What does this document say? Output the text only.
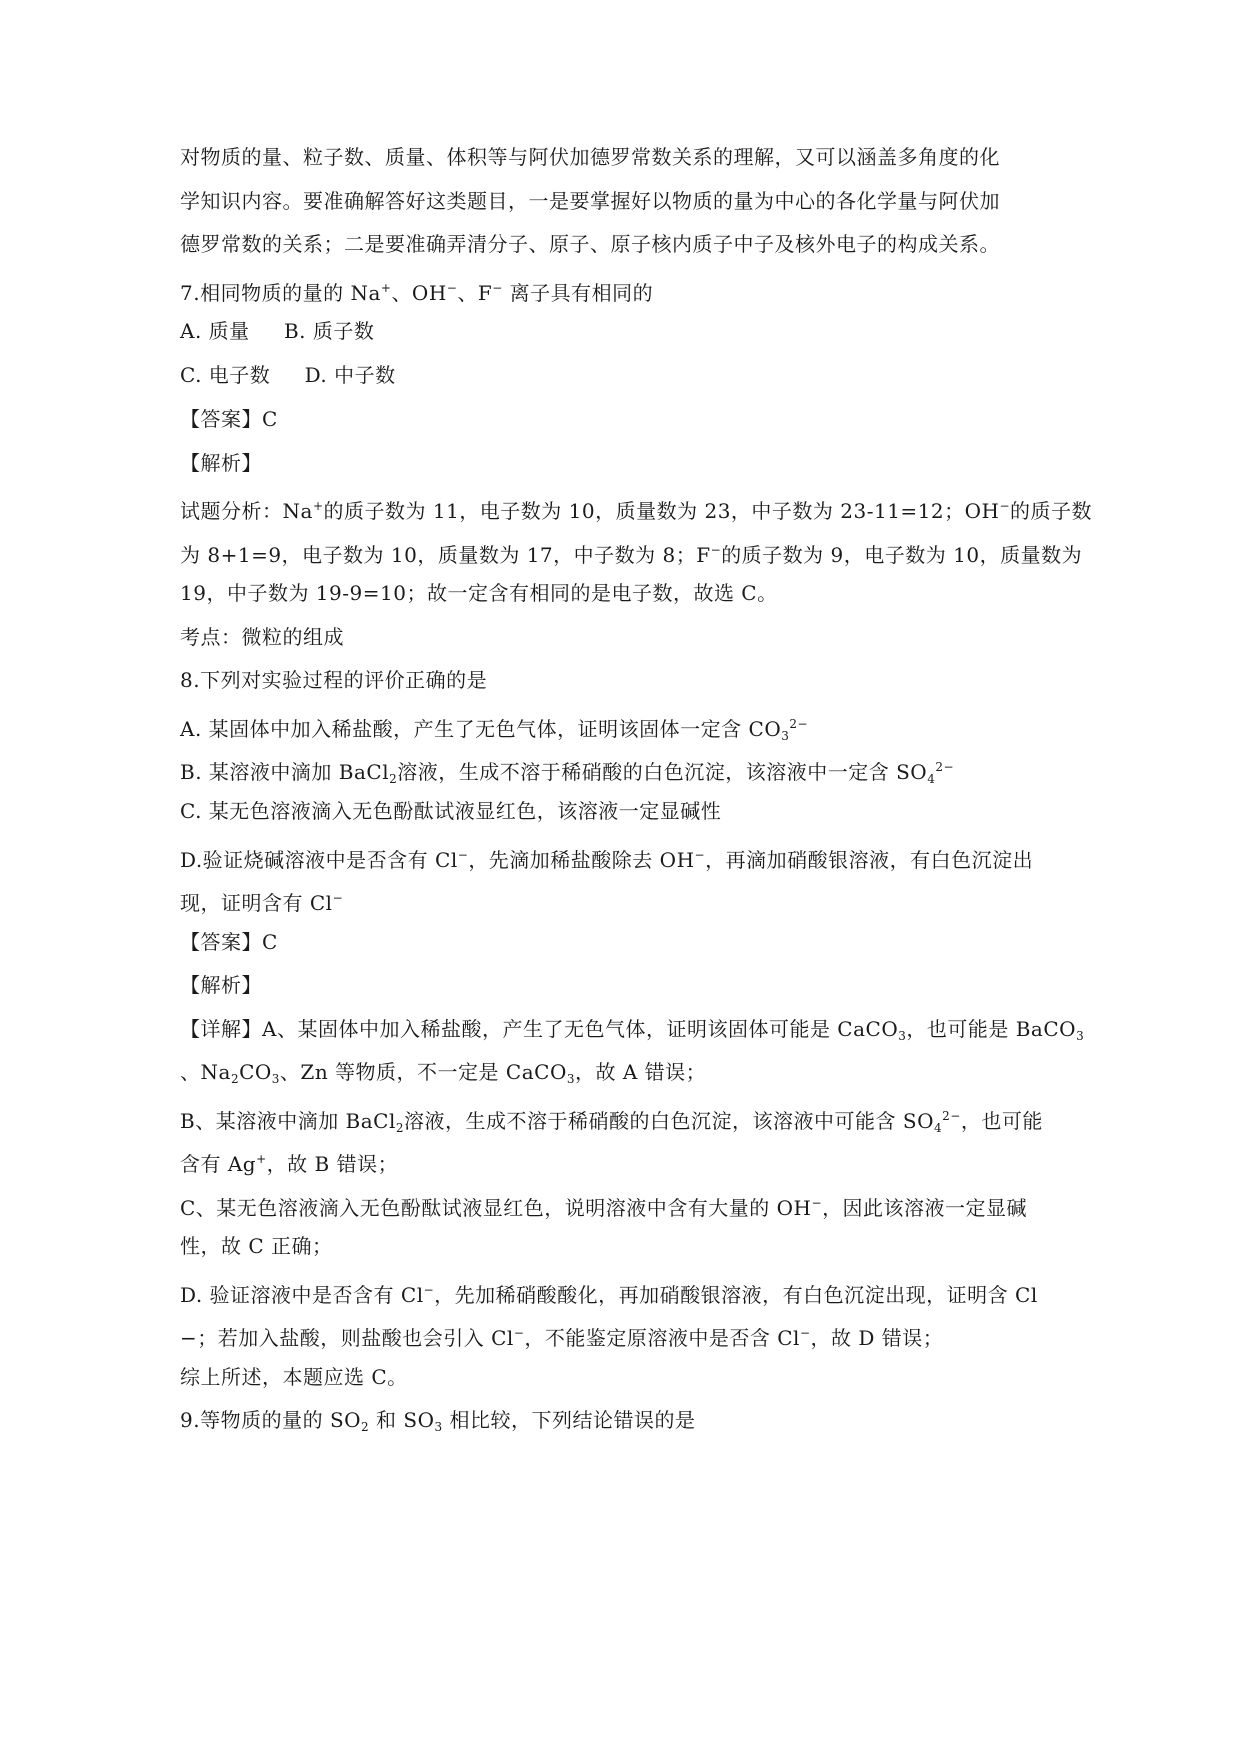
对物质的量、粒子数、质量、体积等与阿伏加德罗常数关系的理解，又可以涵盖多角度的化
学知识内容。要准确解答好这类题目，一是要掌握好以物质的量为中心的各化学量与阿伏加
德罗常数的关系；二是要准确弄清分子、原子、原子核内质子中子及核外电子的构成关系。
7.相同物质的量的 Na+、OH−、F− 离子具有相同的
A. 质量     B. 质子数
C. 电子数     D. 中子数
【答案】C
【解析】
试题分析：Na+的质子数为 11，电子数为 10，质量数为 23，中子数为 23-11=12；OH−的质子数
为 8+1=9，电子数为 10，质量数为 17，中子数为 8；F−的质子数为 9，电子数为 10，质量数为
19，中子数为 19-9=10；故一定含有相同的是电子数，故选 C。
考点：微粒的组成
8.下列对实验过程的评价正确的是
A. 某固体中加入稀盐酸，产生了无色气体，证明该固体一定含 $CO_3^{2-}$
B. 某溶液中滴加 BaCl$_2$溶液，生成不溶于稀硝酸的白色沉淀，该溶液中一定含 $SO_4^{2-}$
C. 某无色溶液滴入无色酚酞试液显红色，该溶液一定显碱性
D.验证烧碱溶液中是否含有 Cl−，先滴加稀盐酸除去 OH−，再滴加硝酸银溶液，有白色沉淀出
现，证明含有 Cl−
【答案】C
【解析】
【详解】A、某固体中加入稀盐酸，产生了无色气体，证明该固体可能是 CaCO$_3$，也可能是 BaCO$_3$
、$Na_2CO_3$、Zn 等物质，不一定是 CaCO$_3$，故 A 错误；
B、某溶液中滴加 BaCl$_2$溶液，生成不溶于稀硝酸的白色沉淀，该溶液中可能含 $SO_4^{2-}$，也可能
含有 Ag+，故 B 错误；
C、某无色溶液滴入无色酚酞试液显红色，说明溶液中含有大量的 OH−，因此该溶液一定显碱
性，故 C 正确；
D. 验证溶液中是否含有 Cl−，先加稀硝酸酸化，再加硝酸银溶液，有白色沉淀出现，证明含 Cl
−；若加入盐酸，则盐酸也会引入 Cl−，不能鉴定原溶液中是否含 Cl−，故 D 错误；
综上所述，本题应选 C。
9.等物质的量的 $SO_2$ 和 $SO_3$ 相比较，下列结论错误的是
